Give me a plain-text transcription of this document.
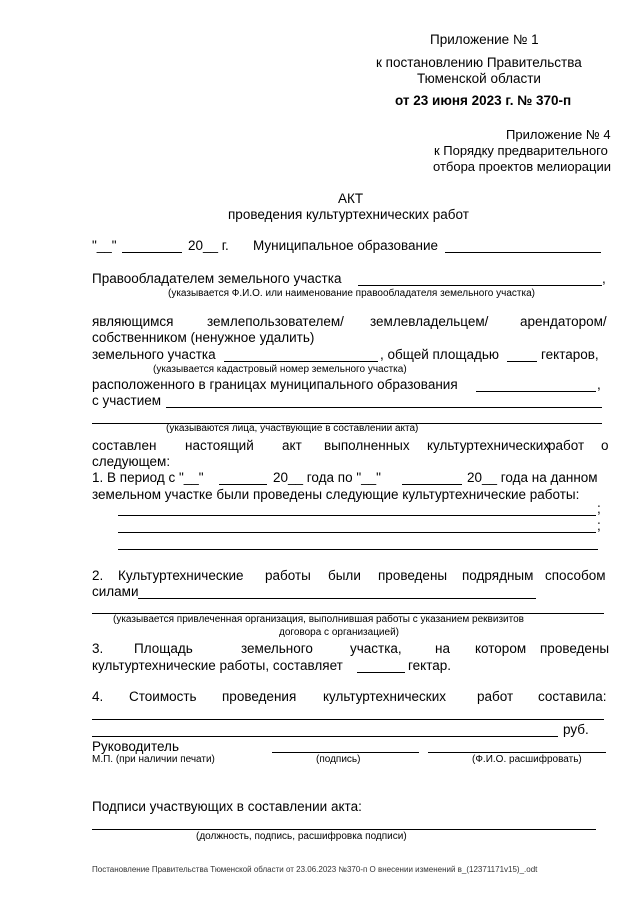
Приложение № 1
к постановлению Правительства
Тюменской области
от 23 июня 2023 г. № 370-п
Приложение № 4
к Порядку предварительного
отбора проектов мелиорации
АКТ
проведения культуртехнических работ
"__"	20__ г. Муниципальное образование
Правообладателем земельного участка	,
(указывается Ф.И.О. или наименование правообладателя земельного участка)
являющимся землепользователем/ землевладельцем/ арендатором/
собственником (ненужное удалить)
земельного участка	, общей площадью	гектаров,
(указывается кадастровый номер земельного участка)
расположенного в границах муниципального образования	,
с участием
(указываются лица, участвующие в составлении акта)
составлен настоящий акт выполненных культуртехнических
работ о
следующем:
1. В период с "__"	20__ года по "__"	20__ года на данном
земельном участке были проведены следующие культуртехнические работы:
;
;
2. Культуртехнические работы были проведены подрядным способом
силами
(указывается привлеченная организация, выполнившая работы с указанием реквизитов
договора с организацией)
3. Площадь	земельного	участка, на котором проведены
культуртехнические работы, составляет	гектар.
4. Стоимость проведения культуртехнических работ составила:
руб.
Руководитель
М.П. (при наличии печати)	(подпись)	(Ф.И.О. расшифровать)
Подписи участвующих в составлении акта:
(должность, подпись, расшифровка подписи)
Постановление Правительства Тюменской области от 23.06.2023 №370-п О внесении изменений в_(12371171v15)_.odt
